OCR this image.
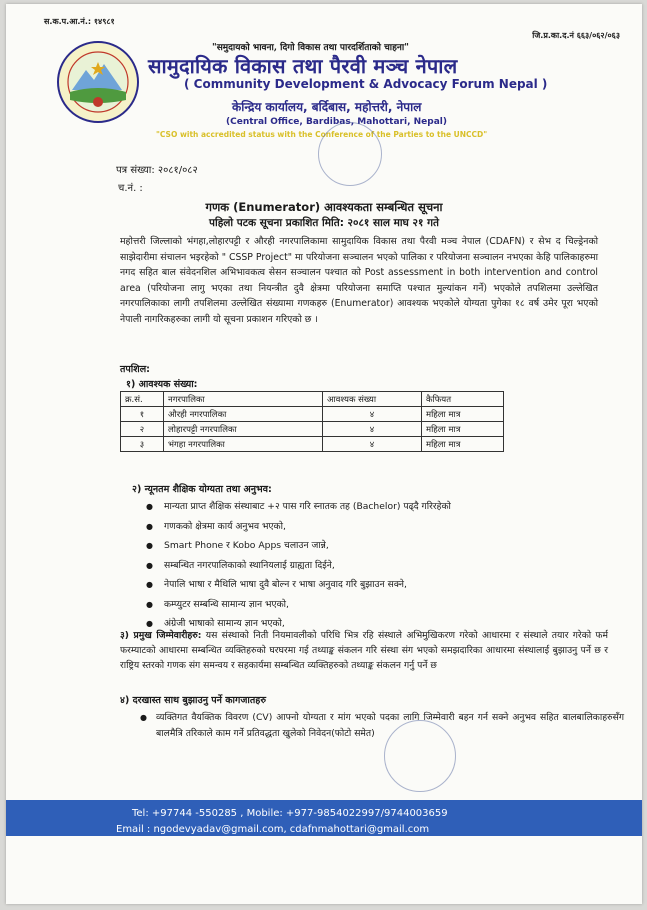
स.क.प.आ.नं.: १४९८१
जि.प्र.का.द.नं ६६३/०६२/०६३
"समुदायको भावना, दिगो विकास तथा पारदर्शिताको चाहना"
सामुदायिक विकास तथा पैरवी मञ्च नेपाल
( Community Development & Advocacy Forum Nepal )
केन्द्रिय कार्यालय, बर्दिबास, महोत्तरी, नेपाल
(Central Office, Bardibas, Mahottari, Nepal)
"CSO with accredited status with the Conference of the Parties to the UNCCD"
पत्र संख्या: २०८१/०८२
च.नं. :
गणक (Enumerator) आवश्यकता सम्बन्धित सूचना
पहिलो पटक सूचना प्रकाशित मिति: २०८१ साल माघ २१ गते
महोत्तरी जिल्लाको भंगहा,लोहारपट्टी र औरही नगरपालिकामा सामुदायिक विकास तथा पैरवी मञ्च नेपाल (CDAFN) र सेभ द चिल्ड्रेनको साझेदारीमा संचालन भइरहेको " CSSP Project" मा परियोजना सञ्चालन भएको पालिका र परियोजना सञ्चालन नभएका केहि पालिकाहरुमा नगद सहित बाल संवेदनशिल अभिभावकत्व सेसन सञ्चालन पश्चात को Post assessment in both intervention and control area (परियोजना लागु भएका तथा नियन्त्रीत दुवै क्षेत्रमा परियोजना समाप्ति पश्चात मुल्यांकन गर्ने) भएकोले तपशिलमा उल्लेखित नगरपालिकाका लागी तपशिलमा उल्लेखित संख्यामा गणकहरु (Enumerator) आवश्यक भएकोले योग्यता पुगेका १८ वर्ष उमेर पूरा भएको नेपाली नागरिकहरुका लागी यो सूचना प्रकाशन गरिएको छ ।
तपशिल:
१) आवश्यक संख्या:
क्र.सं.	नगरपालिका	आवश्यक संख्या	कैफियत
१	औरही नगरपालिका	४	महिला मात्र
२	लोहारपट्टी नगरपालिका	४	महिला मात्र
३	भंगहा नगरपालिका	४	महिला मात्र
२) न्यूनतम शैक्षिक योग्यता तथा अनुभव:
● मान्यता प्राप्त शैक्षिक संस्थाबाट +२ पास गरि स्नातक तह (Bachelor) पढ्दै गरिरहेको
● गणकको क्षेत्रमा कार्य अनुभव भएको,
● Smart Phone र Kobo Apps चलाउन जान्ने,
● सम्बन्धित नगरपालिकाको स्थानियलाई ग्राह्यता दिईने,
● नेपालि भाषा र मैथिलि भाषा दुवै बोल्न र भाषा अनुवाद गरि बुझाउन सक्ने,
● कम्प्युटर सम्बन्धि सामान्य ज्ञान भएको,
● अंग्रेजी भाषाको सामान्य ज्ञान भएको,
३) प्रमुख जिम्मेवारीहरु: यस संस्थाको निती नियमावलीको परिधि भित्र रहि संस्थाले अभिमुखिकरण गरेको आधारमा र संस्थाले तयार गरेको फर्म फरम्याटको आधारमा सम्बन्धित व्यक्तिहरुको घरघरमा गई तथ्याङ्क संकलन गरि संस्था संग भएको समझदारिका आधारमा संस्थालाई बुझाउनु पर्ने छ र राष्ट्रिय स्तरको गणक संग समन्वय र सहकार्यमा सम्बन्धित व्यक्तिहरुको तथ्याङ्क संकलन गर्नु पर्ने छ
४) दरखास्त साथ बुझाउनु पर्ने कागजातहरु
● व्यक्तिगत वैयक्तिक विवरण (CV) आफ्नो योग्यता र मांग भएको पदका लागि जिम्मेवारी बहन गर्न सक्ने अनुभव सहित बालबालिकाहरुसँग बालमैत्रि तरिकाले काम गर्ने प्रतिवद्धता खुलेको निवेदन(फोटो समेत)
Tel: +97744 -550285 , Mobile: +977-9854022997/9744003659
Email : ngodevyadav@gmail.com, cdafnmahottari@gmail.com
